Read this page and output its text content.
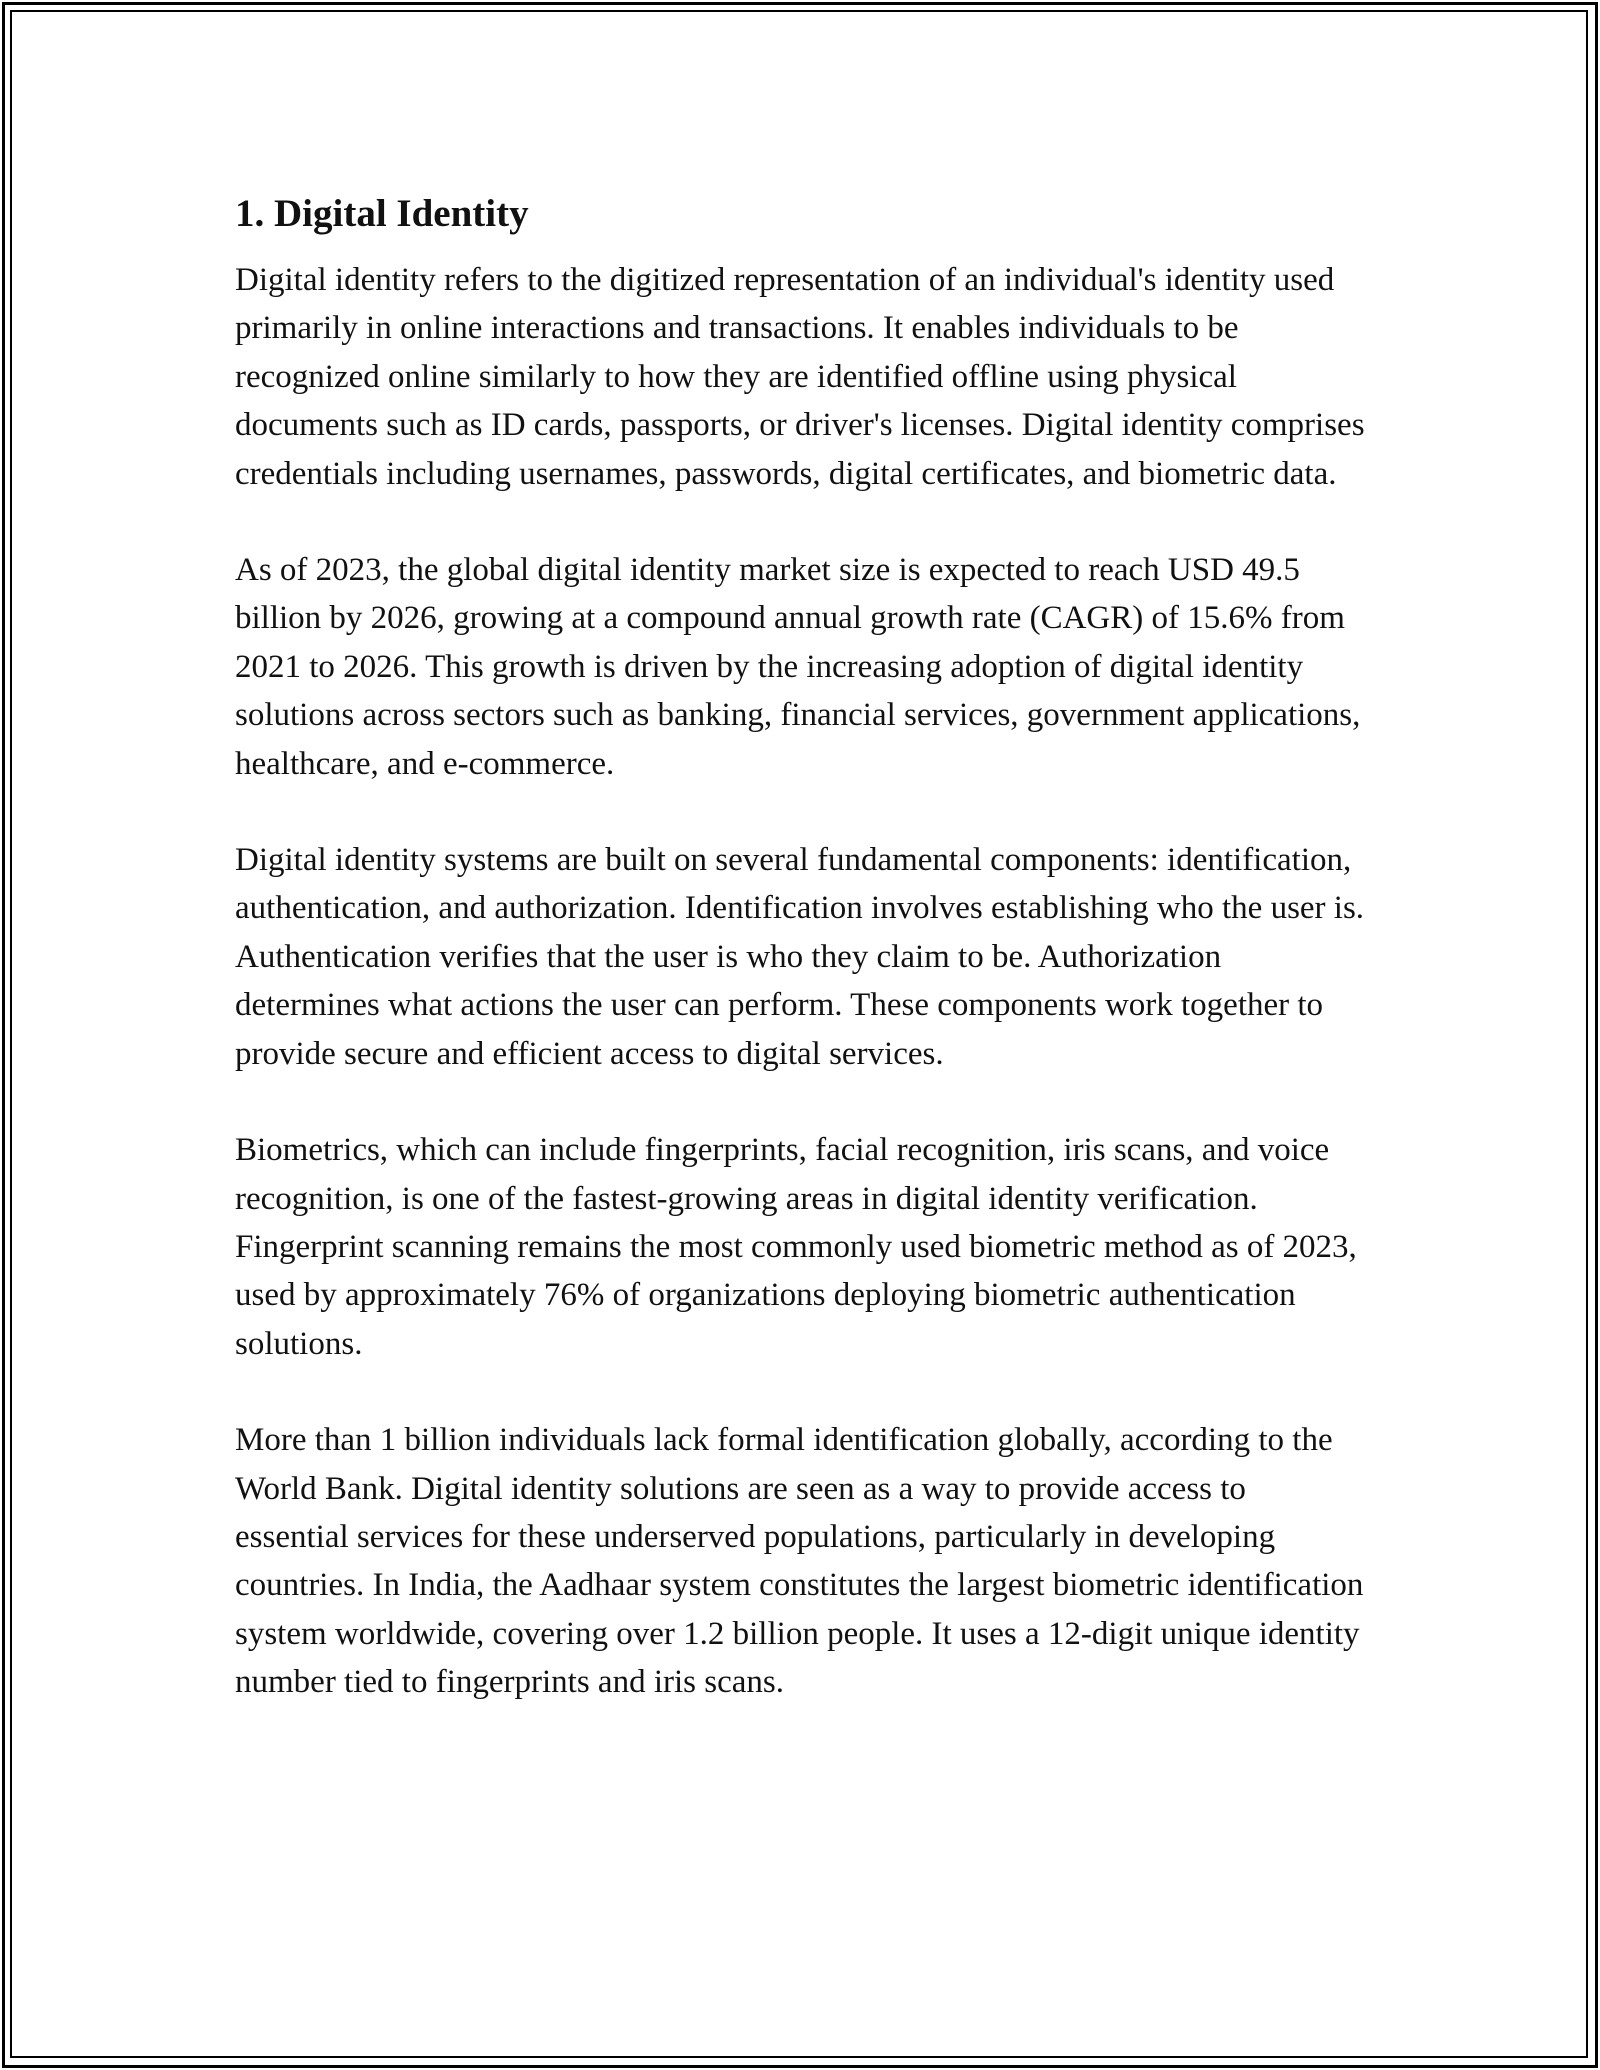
1. Digital Identity

Digital identity refers to the digitized representation of an individual's identity used primarily in online interactions and transactions. It enables individuals to be recognized online similarly to how they are identified offline using physical documents such as ID cards, passports, or driver's licenses. Digital identity comprises credentials including usernames, passwords, digital certificates, and biometric data.

As of 2023, the global digital identity market size is expected to reach USD 49.5 billion by 2026, growing at a compound annual growth rate (CAGR) of 15.6% from 2021 to 2026. This growth is driven by the increasing adoption of digital identity solutions across sectors such as banking, financial services, government applications, healthcare, and e-commerce.

Digital identity systems are built on several fundamental components: identification, authentication, and authorization. Identification involves establishing who the user is. Authentication verifies that the user is who they claim to be. Authorization determines what actions the user can perform. These components work together to provide secure and efficient access to digital services.

Biometrics, which can include fingerprints, facial recognition, iris scans, and voice recognition, is one of the fastest-growing areas in digital identity verification. Fingerprint scanning remains the most commonly used biometric method as of 2023, used by approximately 76% of organizations deploying biometric authentication solutions.

More than 1 billion individuals lack formal identification globally, according to the World Bank. Digital identity solutions are seen as a way to provide access to essential services for these underserved populations, particularly in developing countries. In India, the Aadhaar system constitutes the largest biometric identification system worldwide, covering over 1.2 billion people. It uses a 12-digit unique identity number tied to fingerprints and iris scans.
